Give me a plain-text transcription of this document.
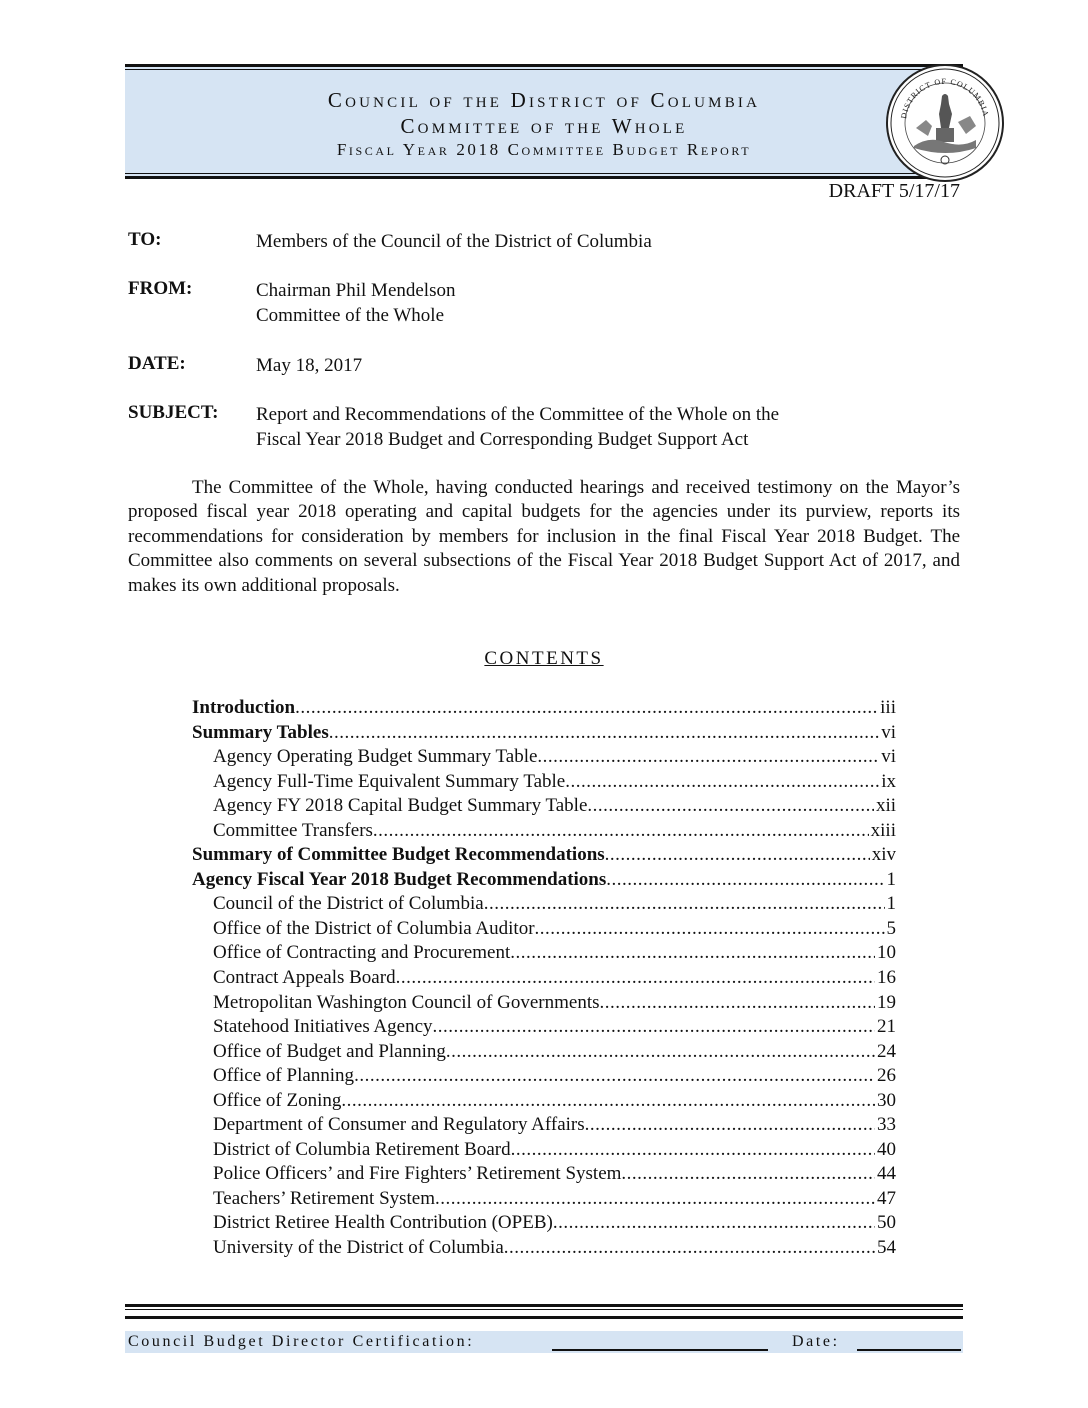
Council of the District of Columbia
Committee of the Whole
Fiscal Year 2018 Committee Budget Report
DISTRICT OF COLUMBIA
DRAFT 5/17/17
TO:	Members of the Council of the District of Columbia
FROM:	Chairman Phil Mendelson
Committee of the Whole
DATE:	May 18, 2017
SUBJECT: Report and Recommendations of the Committee of the Whole on the
Fiscal Year 2018 Budget and Corresponding Budget Support Act
The Committee of the Whole, having conducted hearings and received testimony on the Mayor’s proposed fiscal year 2018 operating and capital budgets for the agencies under its purview, reports its recommendations for consideration by members for inclusion in the final Fiscal Year 2018 Budget. The Committee also comments on several subsections of the Fiscal Year 2018 Budget Support Act of 2017, and makes its own additional proposals.
CONTENTS
Introduction .....	iii
Summary Tables .....	vi
Agency Operating Budget Summary Table .....	vi
Agency Full-Time Equivalent Summary Table .....	ix
Agency FY 2018 Capital Budget Summary Table .....	xii
Committee Transfers .....	xiii
Summary of Committee Budget Recommendations .....	xiv
Agency Fiscal Year 2018 Budget Recommendations .....	1
Council of the District of Columbia .....	1
Office of the District of Columbia Auditor .....	5
Office of Contracting and Procurement .....	10
Contract Appeals Board .....	16
Metropolitan Washington Council of Governments .....	19
Statehood Initiatives Agency .....	21
Office of Budget and Planning .....	24
Office of Planning .....	26
Office of Zoning .....	30
Department of Consumer and Regulatory Affairs .....	33
District of Columbia Retirement Board .....	40
Police Officers’ and Fire Fighters’ Retirement System .....	44
Teachers’ Retirement System .....	47
District Retiree Health Contribution (OPEB) .....	50
University of the District of Columbia .....	54
Council Budget Director Certification:	Date:
